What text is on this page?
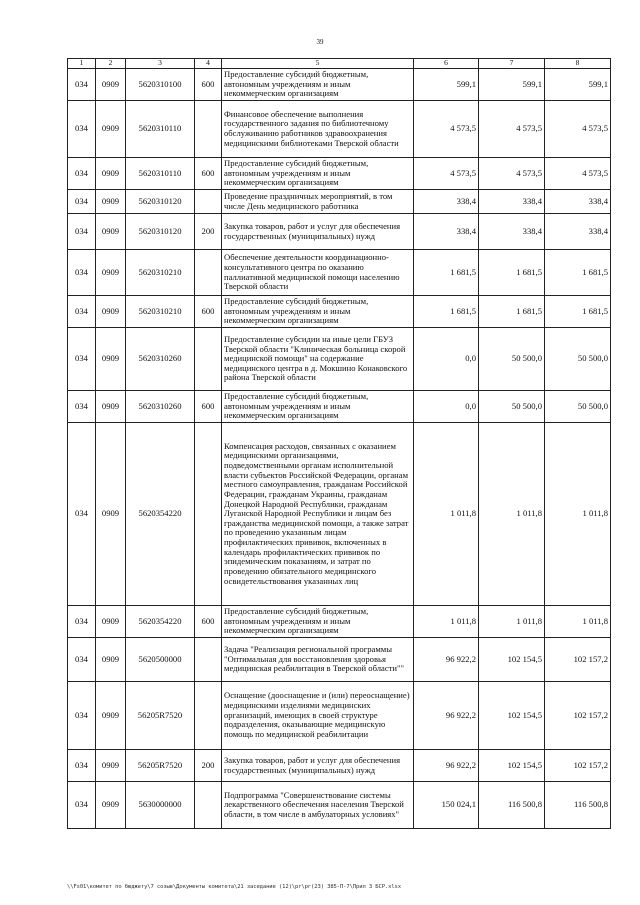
39
1	2	3	4	5	6	7	8
034	0909	5620310100	600	Предоставление субсидий бюджетным, автономным учреждениям и иным некоммерческим организациям	599,1	599,1	599,1
034	0909	5620310110		Финансовое обеспечение выполнения государственного задания по библиотечному обслуживанию работников здравоохранения медицинскими библиотеками Тверской области	4 573,5	4 573,5	4 573,5
034	0909	5620310110	600	Предоставление субсидий бюджетным, автономным учреждениям и иным некоммерческим организациям	4 573,5	4 573,5	4 573,5
034	0909	5620310120		Проведение праздничных мероприятий, в том числе День медицинского работника	338,4	338,4	338,4
034	0909	5620310120	200	Закупка товаров, работ и услуг для обеспечения государственных (муниципальных) нужд	338,4	338,4	338,4
034	0909	5620310210		Обеспечение деятельности координационно-консультативного центра по оказанию паллиативной медицинской помощи населению Тверской области	1 681,5	1 681,5	1 681,5
034	0909	5620310210	600	Предоставление субсидий бюджетным, автономным учреждениям и иным некоммерческим организациям	1 681,5	1 681,5	1 681,5
034	0909	5620310260		Предоставление субсидии на иные цели ГБУЗ Тверской области "Клиническая больница скорой медицинской помощи" на содержание медицинского центра в д. Мокшино Конаковского района Тверской области	0,0	50 500,0	50 500,0
034	0909	5620310260	600	Предоставление субсидий бюджетным, автономным учреждениям и иным некоммерческим организациям	0,0	50 500,0	50 500,0
034	0909	5620354220		Компенсация расходов, связанных с оказанием медицинскими организациями, подведомственными органам исполнительной власти субъектов Российской Федерации, органам местного самоуправления, гражданам Российской Федерации, гражданам Украины, гражданам Донецкой Народной Республики, гражданам Луганской Народной Республики и лицам без гражданства медицинской помощи, а также затрат по проведению указанным лицам профилактических прививок, включенных в календарь профилактических прививок по эпидемическим показаниям, и затрат по проведению обязательного медицинского освидетельствования указанных лиц	1 011,8	1 011,8	1 011,8
034	0909	5620354220	600	Предоставление субсидий бюджетным, автономным учреждениям и иным некоммерческим организациям	1 011,8	1 011,8	1 011,8
034	0909	5620500000		Задача "Реализация региональной программы "Оптимальная для восстановления здоровья медицинская реабилитация в Тверской области""	96 922,2	102 154,5	102 157,2
034	0909	56205R7520		Оснащение (дооснащение и (или) переоснащение) медицинскими изделиями медицинских организаций, имеющих в своей структуре подразделения, оказывающие медицинскую помощь по медицинской реабилитации	96 922,2	102 154,5	102 157,2
034	0909	56205R7520	200	Закупка товаров, работ и услуг для обеспечения государственных (муниципальных) нужд	96 922,2	102 154,5	102 157,2
034	0909	5630000000		Подпрограмма "Совершенствование системы лекарственного обеспечения населения Тверской области, в том числе в амбулаторных условиях"	150 024,1	116 500,8	116 500,8
\\Fs01\комитет по бюджету\7 созыв\Документы комитета\21 заседание (12)\рг\рг(23) 385-П-7\Прил 3 БСР.xlsx
